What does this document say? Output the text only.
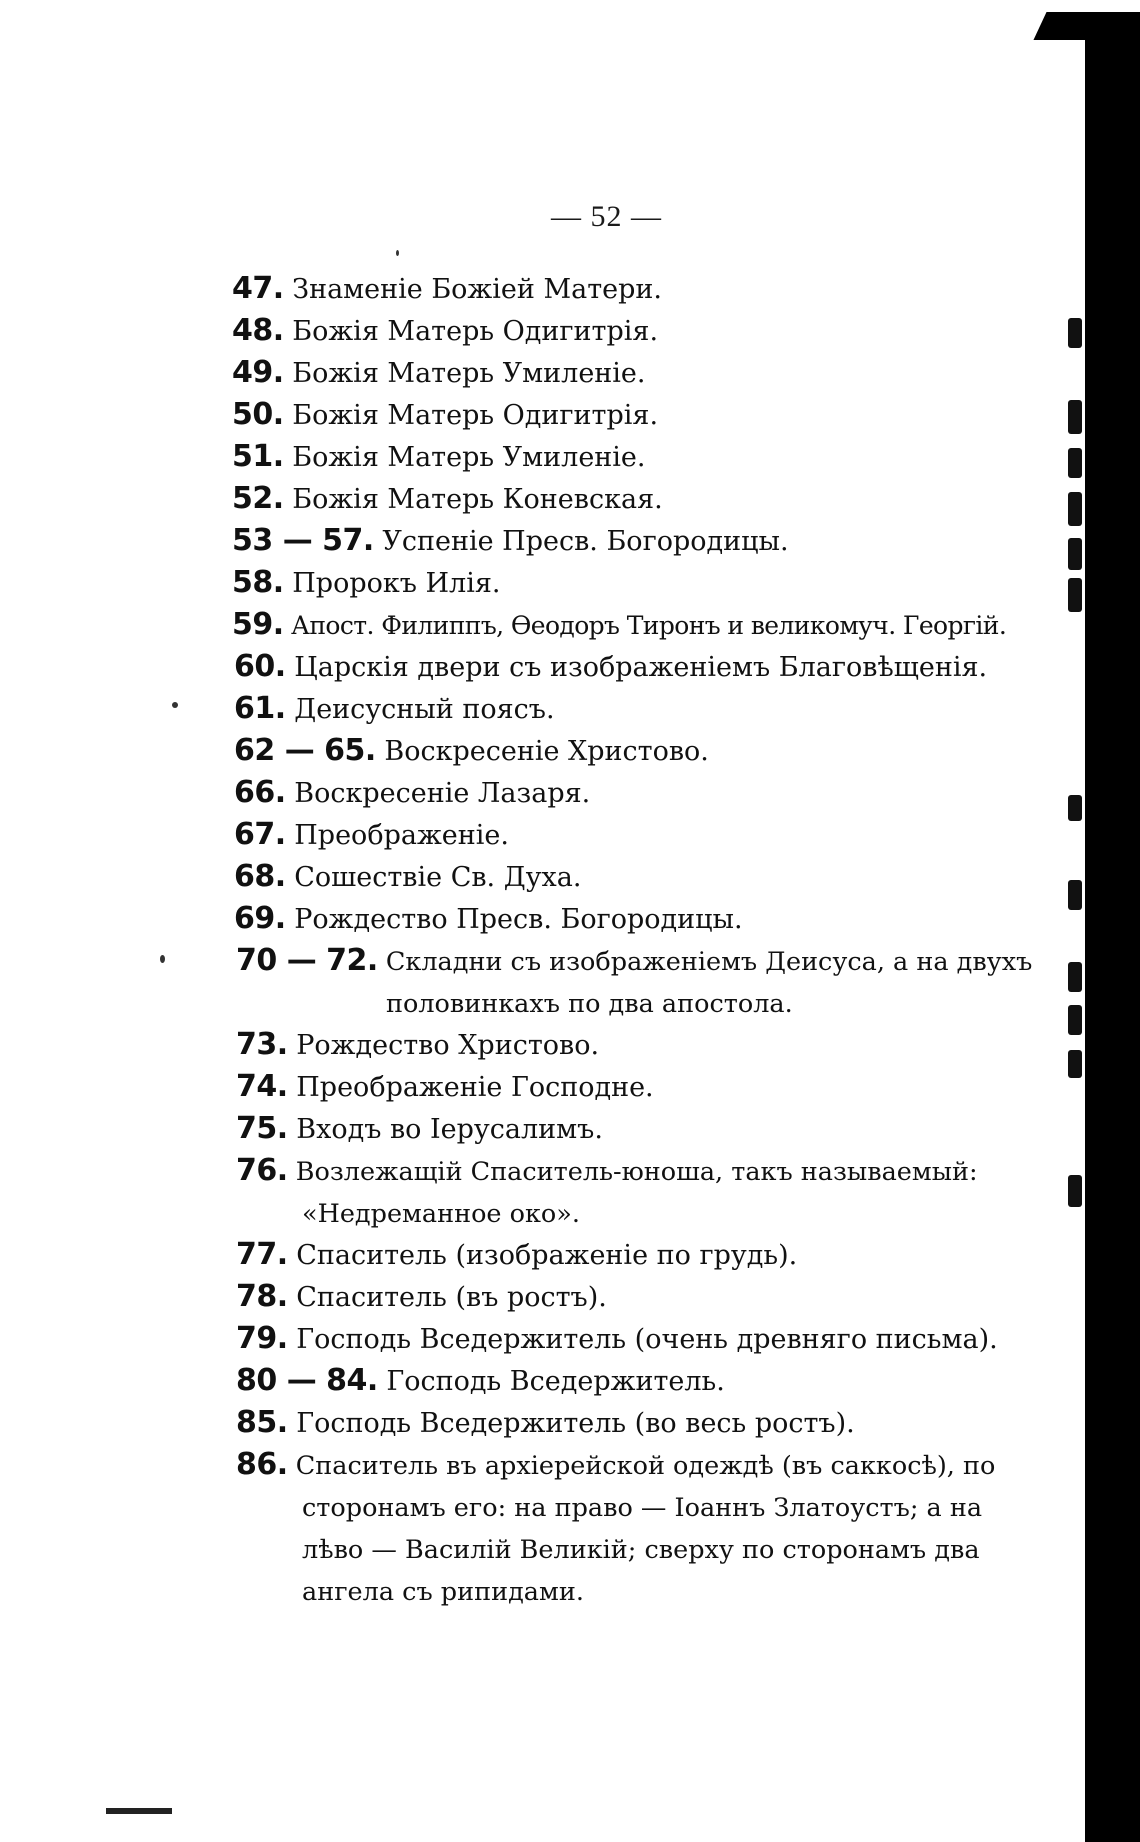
— 52 —
47. Знаменіе Божіей Матери.
48. Божія Матерь Одигитрія.
49. Божія Матерь Умиленіе.
50. Божія Матерь Одигитрія.
51. Божія Матерь Умиленіе.
52. Божія Матерь Коневская.
53 — 57. Успеніе Пресв. Богородицы.
58. Пророкъ Илія.
59. Апост. Филиппъ, Ѳеодоръ Тиронъ и великомуч. Георгій.
60. Царскія двери съ изображеніемъ Благовѣщенія.
61. Деисусный поясъ.
62 — 65. Воскресеніе Христово.
66. Воскресеніе Лазаря.
67. Преображеніе.
68. Сошествіе Св. Духа.
69. Рождество Пресв. Богородицы.
70 — 72. Складни съ изображеніемъ Деисуса, а на двухъ
половинкахъ по два апостола.
73. Рождество Христово.
74. Преображеніе Господне.
75. Входъ во Іерусалимъ.
76. Возлежащій Спаситель-юноша, такъ называемый:
«Недреманное око».
77. Спаситель (изображеніе по грудь).
78. Спаситель (въ ростъ).
79. Господь Вседержитель (очень древняго письма).
80 — 84. Господь Вседержитель.
85. Господь Вседержитель (во весь ростъ).
86. Спаситель въ архіерейской одеждѣ (въ саккосѣ), по
сторонамъ его: на право — Іоаннъ Златоустъ; а на
лѣво — Василій Великій; сверху по сторонамъ два
ангела съ рипидами.
